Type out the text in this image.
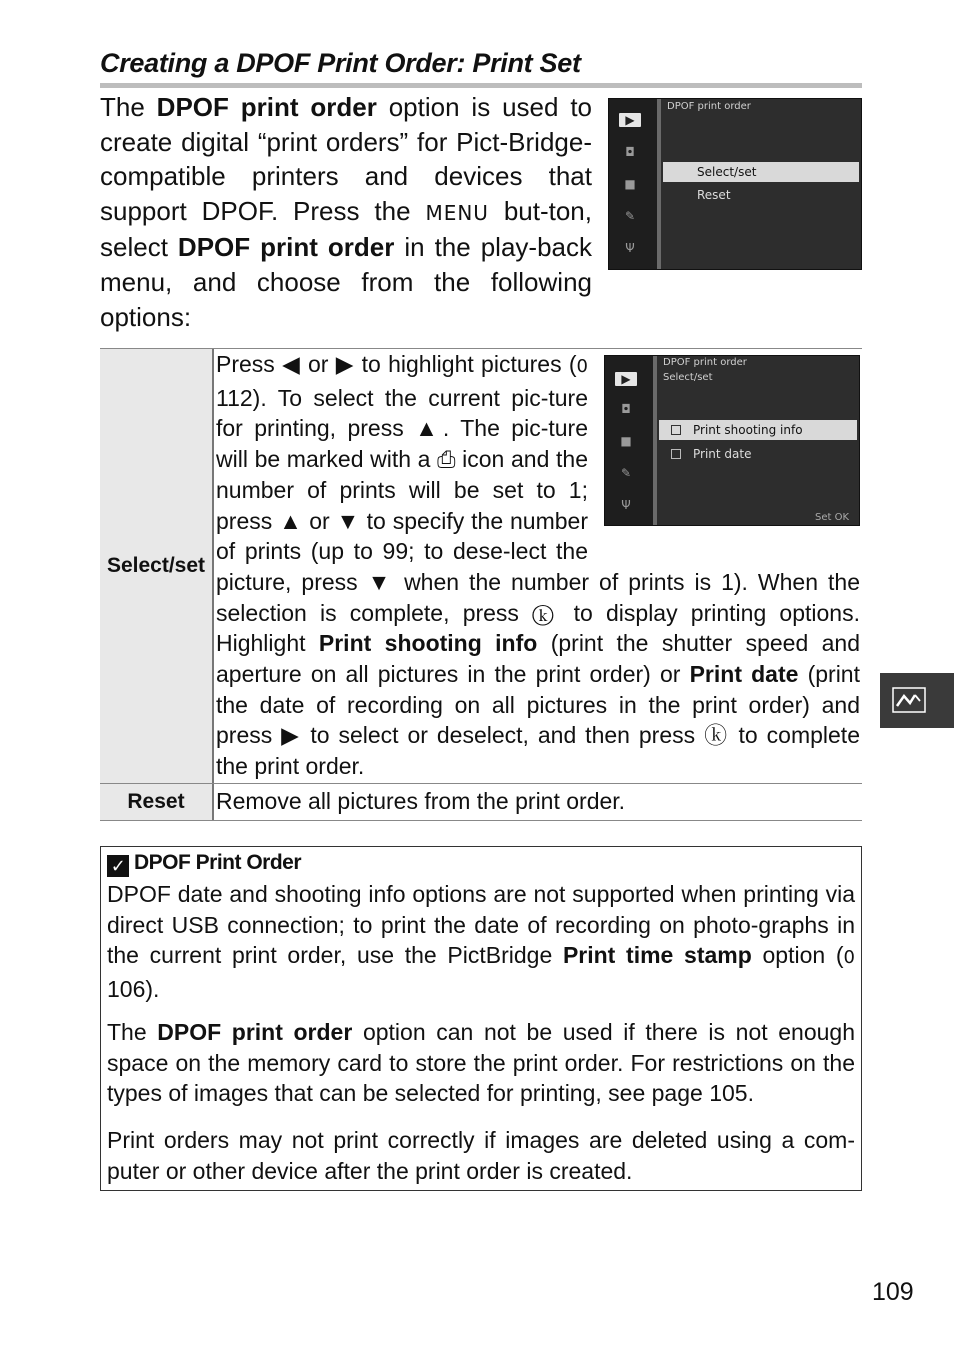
Creating a DPOF Print Order: Print Set
The DPOF print order option is used to create digital “print orders” for Pict-Bridge-compatible printers and devices that support DPOF. Press the MENU but-ton, select DPOF print order in the play-back menu, and choose from the following options:
▶
◘
■
✎
Ψ
DPOF print order
Select/set
Reset
Select/set
Press ◀ or ▶ to highlight pictures (0 112). To select the current pic-ture for printing, press ▲. The pic-ture will be marked with a ⎙ icon and the number of prints will be set to 1; press ▲ or ▼ to specify the number of prints (up to 99; to dese-lect the picture, press ▼ when the number of prints is 1). When the selection is complete, press ⓚ to display printing options. Highlight Print shooting info (print the shutter speed and aperture on all pictures in the print order) or Print date (print the date of recording on all pictures in the print order) and press ▶ to select or deselect, and then press ⓚ to complete the print order.
Reset	Remove all pictures from the print order.
▶
◘
■
✎
Ψ
DPOF print order
Select/set
Print shooting info
Print date
Set OK
✓ DPOF Print Order

DPOF date and shooting info options are not supported when printing via direct USB connection; to print the date of recording on photo-graphs in the current print order, use the PictBridge Print time stamp option (0 106).

The DPOF print order option can not be used if there is not enough space on the memory card to store the print order. For restrictions on the types of images that can be selected for printing, see page 105.

Print orders may not print correctly if images are deleted using a com-puter or other device after the print order is created.

109
